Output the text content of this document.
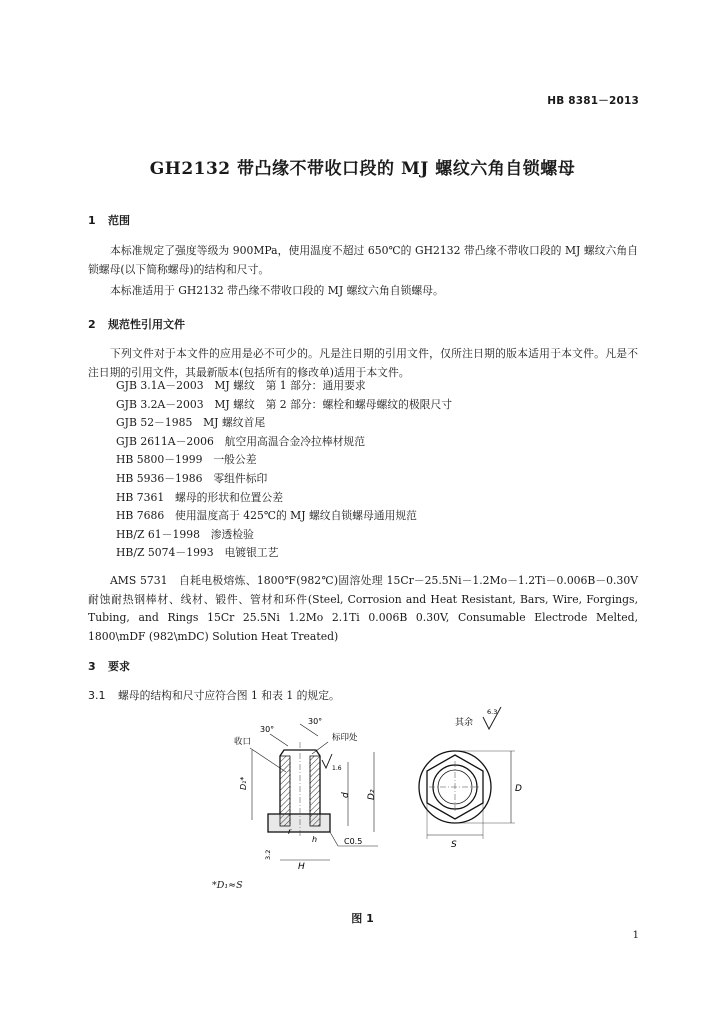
HB 8381－2013
GH2132 带凸缘不带收口段的 MJ 螺纹六角自锁螺母
1 范围
本标准规定了强度等级为 900MPa，使用温度不超过 650℃的 GH2132 带凸缘不带收口段的 MJ 螺纹六角自锁螺母(以下简称螺母)的结构和尺寸。
本标准适用于 GH2132 带凸缘不带收口段的 MJ 螺纹六角自锁螺母。
2 规范性引用文件
下列文件对于本文件的应用是必不可少的。凡是注日期的引用文件，仅所注日期的版本适用于本文件。凡是不注日期的引用文件，其最新版本(包括所有的修改单)适用于本文件。
GJB 3.1A－2003　MJ 螺纹　第 1 部分：通用要求
GJB 3.2A－2003　MJ 螺纹　第 2 部分：螺栓和螺母螺纹的极限尺寸
GJB 52－1985　MJ 螺纹首尾
GJB 2611A－2006　航空用高温合金冷拉棒材规范
HB 5800－1999　一般公差
HB 5936－1986　零组件标印
HB 7361　螺母的形状和位置公差
HB 7686　使用温度高于 425℃的 MJ 螺纹自锁螺母通用规范
HB/Z 61－1998　渗透检验
HB/Z 5074－1993　电镀银工艺
AMS 5731　自耗电极熔炼、1800℉(982℃)固溶处理 15Cr－25.5Ni－1.2Mo－1.2Ti－0.006B－0.30V 耐蚀耐热钢棒材、线材、锻件、管材和环件(Steel, Corrosion and Heat Resistant, Bars, Wire, Forgings, Tubing, and Rings 15Cr 25.5Ni 1.2Mo 2.1Ti 0.006B 0.30V, Consumable Electrode Melted, 1800\mDF (982\mDC) Solution Heat Treated)
3 要求
3.1 螺母的结构和尺寸应符合图 1 和表 1 的规定。
其余
6.3
30°
30°
收口	标印处
1.6
D₁*
d D₂
r
h	C0.5
H
3.2
D
S
*D₁≈S
图 1
1
